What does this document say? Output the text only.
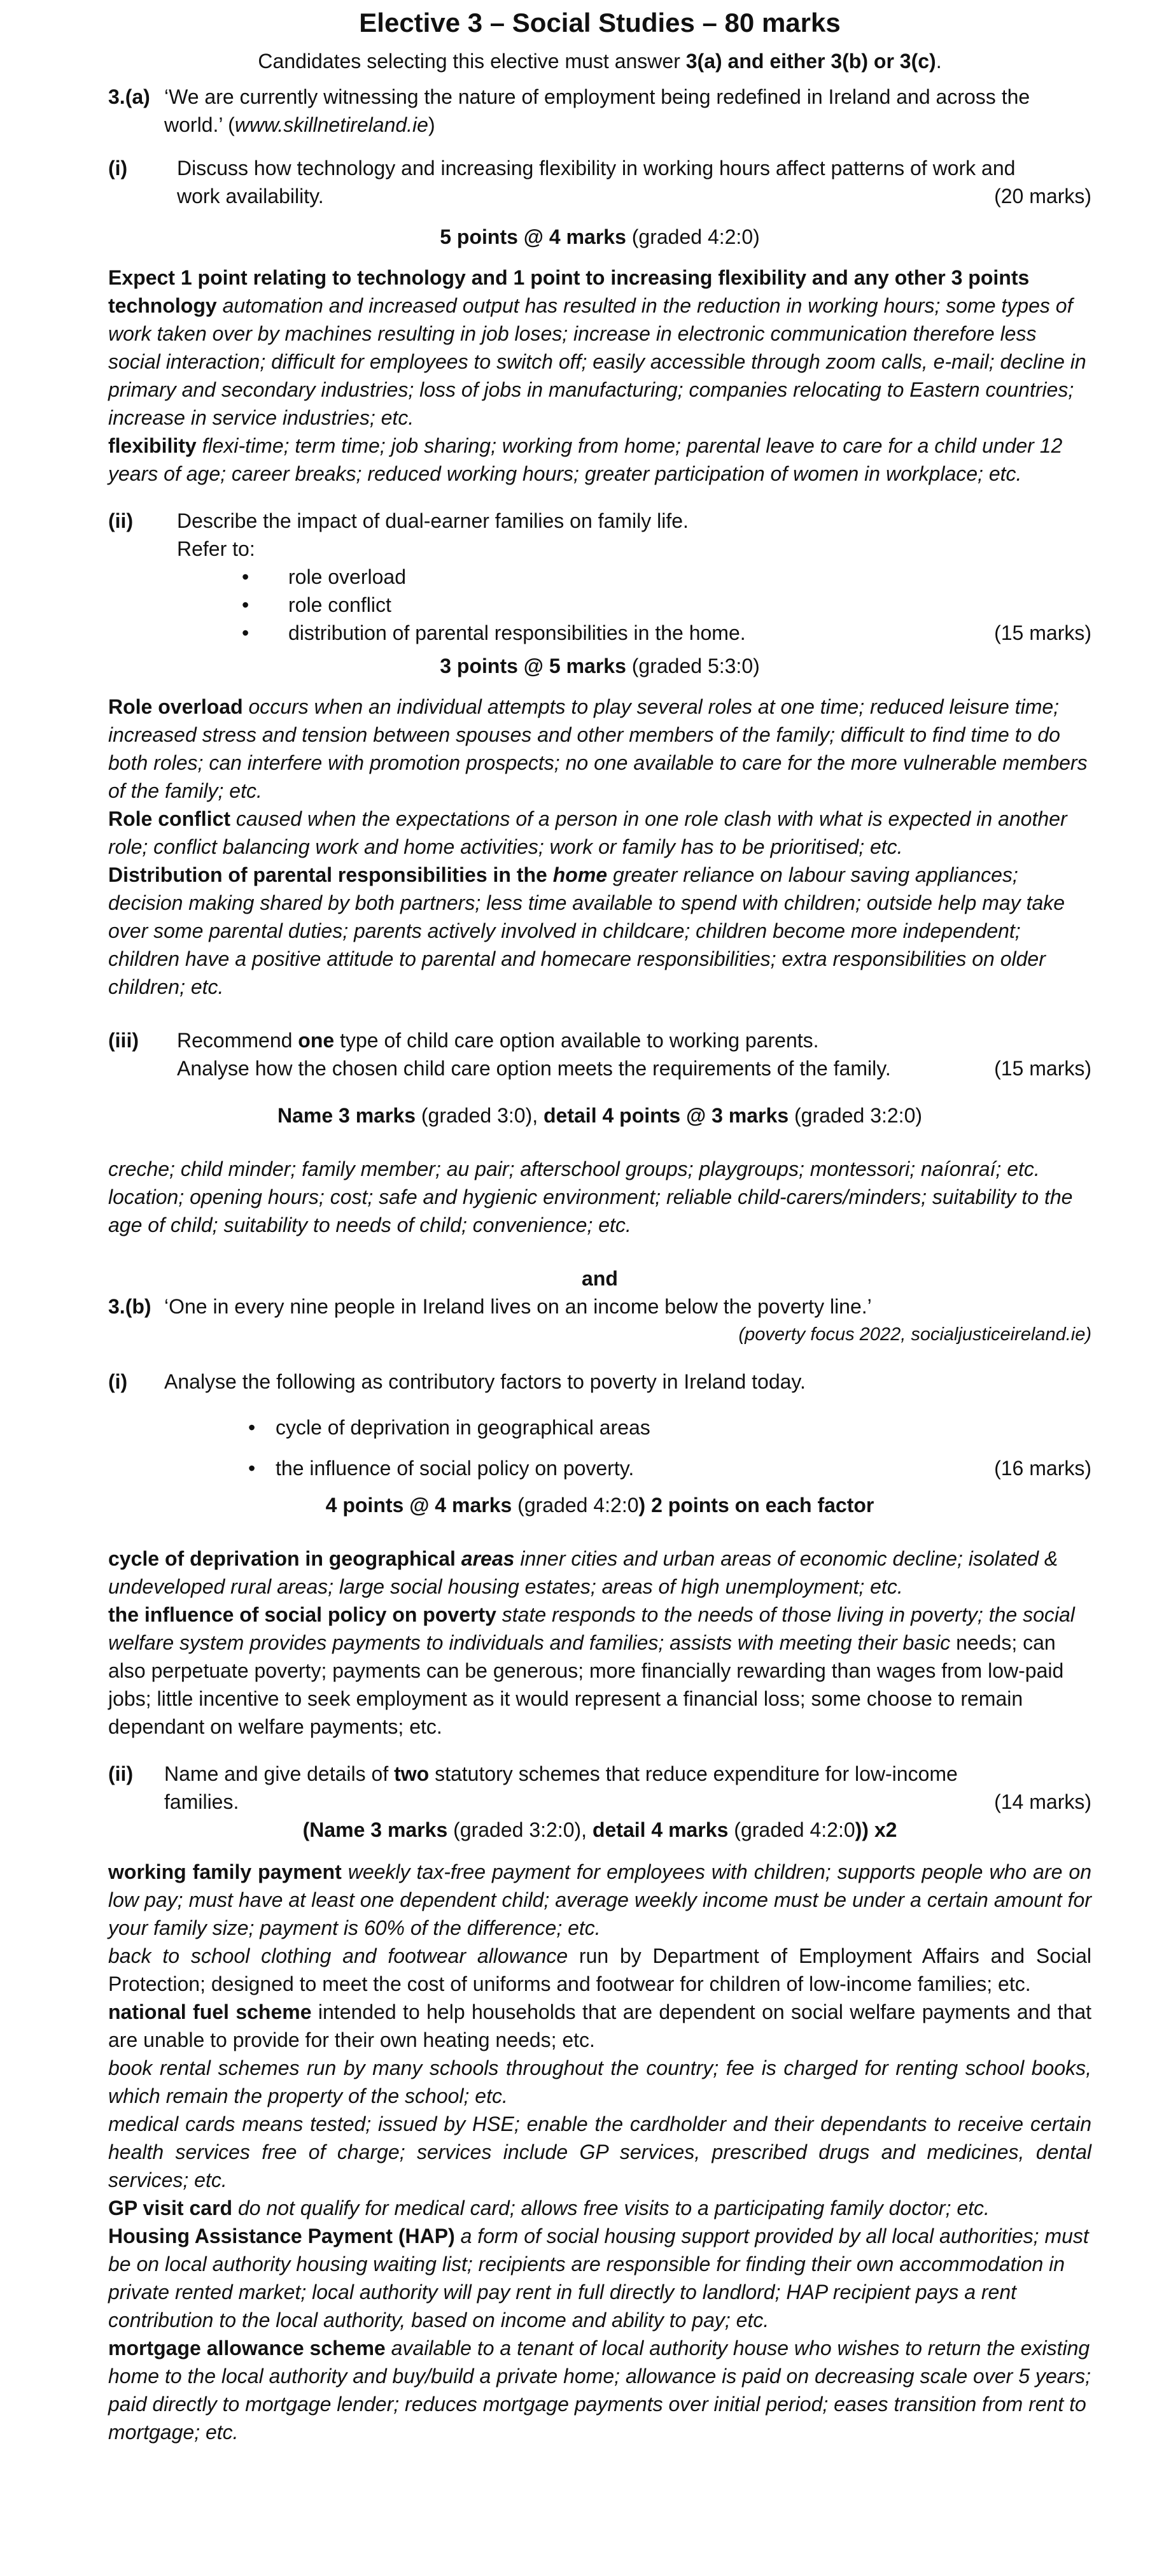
Elective 3 – Social Studies – 80 marks
Candidates selecting this elective must answer 3(a) and either 3(b) or 3(c).
3.(a) ‘We are currently witnessing the nature of employment being redefined in Ireland and across the world.’ (www.skillnetireland.ie)
(i)	Discuss how technology and increasing flexibility in working hours affect patterns of work and
work availability.	(20 marks)
5 points @ 4 marks (graded 4:2:0)
Expect 1 point relating to technology and 1 point to increasing flexibility and any other 3 points

technology automation and increased output has resulted in the reduction in working hours; some types of work taken over by machines resulting in job loses; increase in electronic communication therefore less social interaction; difficult for employees to switch off; easily accessible through zoom calls, e-mail; decline in primary and secondary industries; loss of jobs in manufacturing; companies relocating to Eastern countries; increase in service industries; etc.

flexibility flexi-time; term time; job sharing; working from home; parental leave to care for a child under 12 years of age; career breaks; reduced working hours; greater participation of women in workplace; etc.

(ii)	Describe the impact of dual-earner families on family life.
Refer to:
• role overload
• role conflict
• distribution of parental responsibilities in the home.	(15 marks)
3 points @ 5 marks (graded 5:3:0)

Role overload occurs when an individual attempts to play several roles at one time; reduced leisure time; increased stress and tension between spouses and other members of the family; difficult to find time to do both roles; can interfere with promotion prospects; no one available to care for the more vulnerable members of the family; etc.

Role conflict caused when the expectations of a person in one role clash with what is expected in another role; conflict balancing work and home activities; work or family has to be prioritised; etc.

Distribution of parental responsibilities in the home greater reliance on labour saving appliances; decision making shared by both partners; less time available to spend with children; outside help may take over some parental duties; parents actively involved in childcare; children become more independent; children have a positive attitude to parental and homecare responsibilities; extra responsibilities on older children; etc.

(iii)	Recommend one type of child care option available to working parents.
Analyse how the chosen child care option meets the requirements of the family.	(15 marks)
Name 3 marks (graded 3:0), detail 4 points @ 3 marks (graded 3:2:0)

creche; child minder; family member; au pair; afterschool groups; playgroups; montessori; naíonraí; etc.

location; opening hours; cost; safe and hygienic environment; reliable child-carers/minders; suitability to the age of child; suitability to needs of child; convenience; etc.

and
3.(b) ‘One in every nine people in Ireland lives on an income below the poverty line.’
(poverty focus 2022, socialjusticeireland.ie)
(i)	Analyse the following as contributory factors to poverty in Ireland today.
• cycle of deprivation in geographical areas
• the influence of social policy on poverty.	(16 marks)
4 points @ 4 marks (graded 4:2:0) 2 points on each factor

cycle of deprivation in geographical areas inner cities and urban areas of economic decline; isolated & undeveloped rural areas; large social housing estates; areas of high unemployment; etc.

the influence of social policy on poverty state responds to the needs of those living in poverty; the social welfare system provides payments to individuals and families; assists with meeting their basic needs; can also perpetuate poverty; payments can be generous; more financially rewarding than wages from low-paid jobs; little incentive to seek employment as it would represent a financial loss; some choose to remain dependant on welfare payments; etc.

(ii)	Name and give details of two statutory schemes that reduce expenditure for low-income
families.	(14 marks)
(Name 3 marks (graded 3:2:0), detail 4 marks (graded 4:2:0)) x2

working family payment weekly tax-free payment for employees with children; supports people who are on low pay; must have at least one dependent child; average weekly income must be under a certain amount for your family size; payment is 60% of the difference; etc.

back to school clothing and footwear allowance run by Department of Employment Affairs and Social Protection; designed to meet the cost of uniforms and footwear for children of low-income families; etc.

national fuel scheme intended to help households that are dependent on social welfare payments and that are unable to provide for their own heating needs; etc.

book rental schemes run by many schools throughout the country; fee is charged for renting school books, which remain the property of the school; etc.

medical cards means tested; issued by HSE; enable the cardholder and their dependants to receive certain health services free of charge; services include GP services, prescribed drugs and medicines, dental services; etc.

GP visit card do not qualify for medical card; allows free visits to a participating family doctor; etc.

Housing Assistance Payment (HAP) a form of social housing support provided by all local authorities; must be on local authority housing waiting list; recipients are responsible for finding their own accommodation in private rented market; local authority will pay rent in full directly to landlord; HAP recipient pays a rent contribution to the local authority, based on income and ability to pay; etc.

mortgage allowance scheme available to a tenant of local authority house who wishes to return the existing home to the local authority and buy/build a private home; allowance is paid on decreasing scale over 5 years; paid directly to mortgage lender; reduces mortgage payments over initial period; eases transition from rent to mortgage; etc.
